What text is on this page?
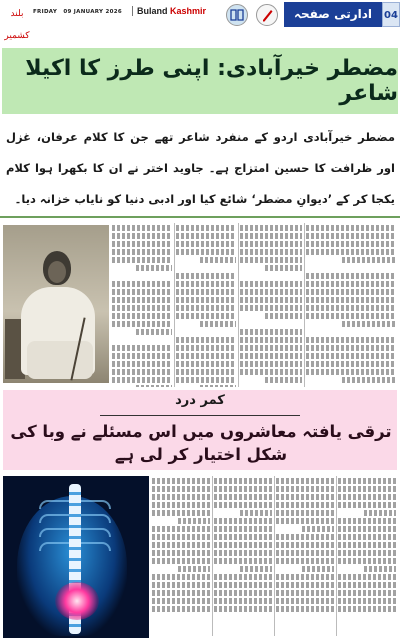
بلند کشمیر
FRIDAY 09 JANUARY 2026	Buland Kashmir	ادارتی صفحہ	04
مضطر خیرآبادی: اپنی طرز کا اکیلا شاعر
مضطر خیرآبادی اردو کے منفرد شاعر تھے جن کا کلام عرفان، غزل اور ظرافت کا حسین امتزاج ہے۔ جاوید اختر نے ان کا بکھرا ہوا کلام یکجا کر کے ’دیوانِ مضطر‘ شائع کیا اور ادبی دنیا کو نایاب خزانہ دیا۔
کمر درد
ترقی یافتہ معاشروں میں اس مسئلے نے وبا کی شکل اختیار کر لی ہے
